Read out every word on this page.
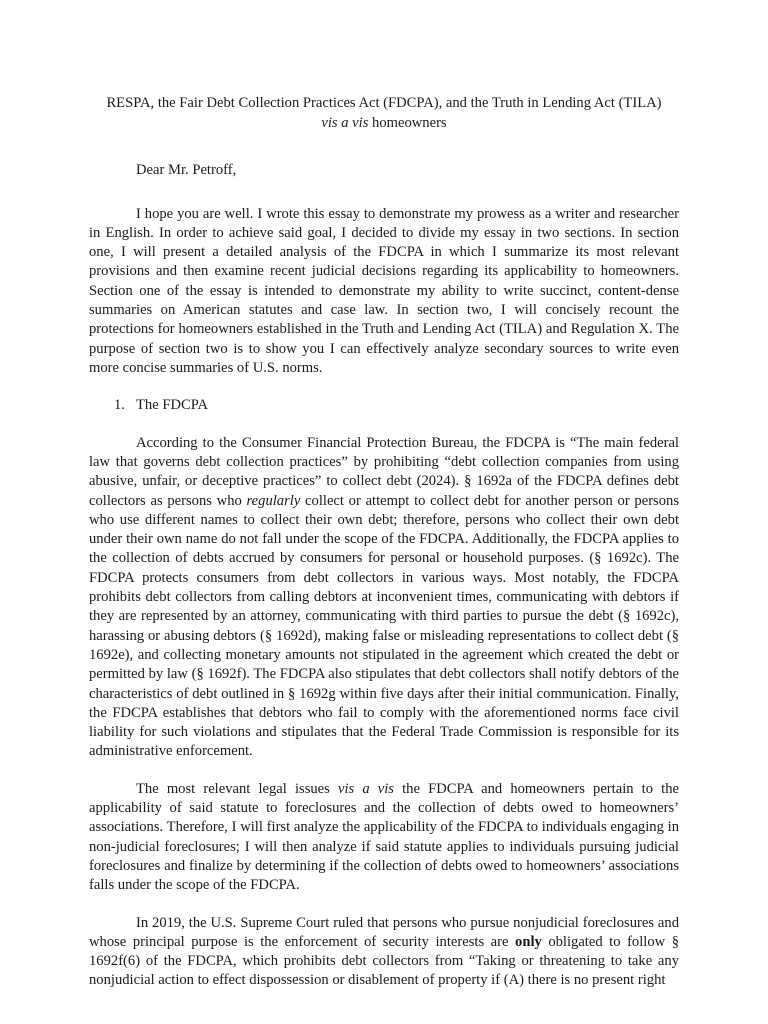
RESPA, the Fair Debt Collection Practices Act (FDCPA), and the Truth in Lending Act (TILA)
vis a vis homeowners

Dear Mr. Petroff,

I hope you are well. I wrote this essay to demonstrate my prowess as a writer and researcher in English. In order to achieve said goal, I decided to divide my essay in two sections. In section one, I will present a detailed analysis of the FDCPA in which I summarize its most relevant provisions and then examine recent judicial decisions regarding its applicability to homeowners. Section one of the essay is intended to demonstrate my ability to write succinct, content-dense summaries on American statutes and case law. In section two, I will concisely recount the protections for homeowners established in the Truth and Lending Act (TILA) and Regulation X. The purpose of section two is to show you I can effectively analyze secondary sources to write even more concise summaries of U.S. norms.

1. The FDCPA

According to the Consumer Financial Protection Bureau, the FDCPA is “The main federal law that governs debt collection practices” by prohibiting “debt collection companies from using abusive, unfair, or deceptive practices” to collect debt (2024). § 1692a of the FDCPA defines debt collectors as persons who regularly collect or attempt to collect debt for another person or persons who use different names to collect their own debt; therefore, persons who collect their own debt under their own name do not fall under the scope of the FDCPA. Additionally, the FDCPA applies to the collection of debts accrued by consumers for personal or household purposes. (§ 1692c). The FDCPA protects consumers from debt collectors in various ways. Most notably, the FDCPA prohibits debt collectors from calling debtors at inconvenient times, communicating with debtors if they are represented by an attorney, communicating with third parties to pursue the debt (§ 1692c), harassing or abusing debtors (§ 1692d), making false or misleading representations to collect debt (§ 1692e), and collecting monetary amounts not stipulated in the agreement which created the debt or permitted by law (§ 1692f). The FDCPA also stipulates that debt collectors shall notify debtors of the characteristics of debt outlined in § 1692g within five days after their initial communication. Finally, the FDCPA establishes that debtors who fail to comply with the aforementioned norms face civil liability for such violations and stipulates that the Federal Trade Commission is responsible for its administrative enforcement.

The most relevant legal issues vis a vis the FDCPA and homeowners pertain to the applicability of said statute to foreclosures and the collection of debts owed to homeowners’ associations. Therefore, I will first analyze the applicability of the FDCPA to individuals engaging in non-judicial foreclosures; I will then analyze if said statute applies to individuals pursuing judicial foreclosures and finalize by determining if the collection of debts owed to homeowners’ associations falls under the scope of the FDCPA.

In 2019, the U.S. Supreme Court ruled that persons who pursue nonjudicial foreclosures and whose principal purpose is the enforcement of security interests are only obligated to follow § 1692f(6) of the FDCPA, which prohibits debt collectors from “Taking or threatening to take any nonjudicial action to effect dispossession or disablement of property if (A) there is no present right
